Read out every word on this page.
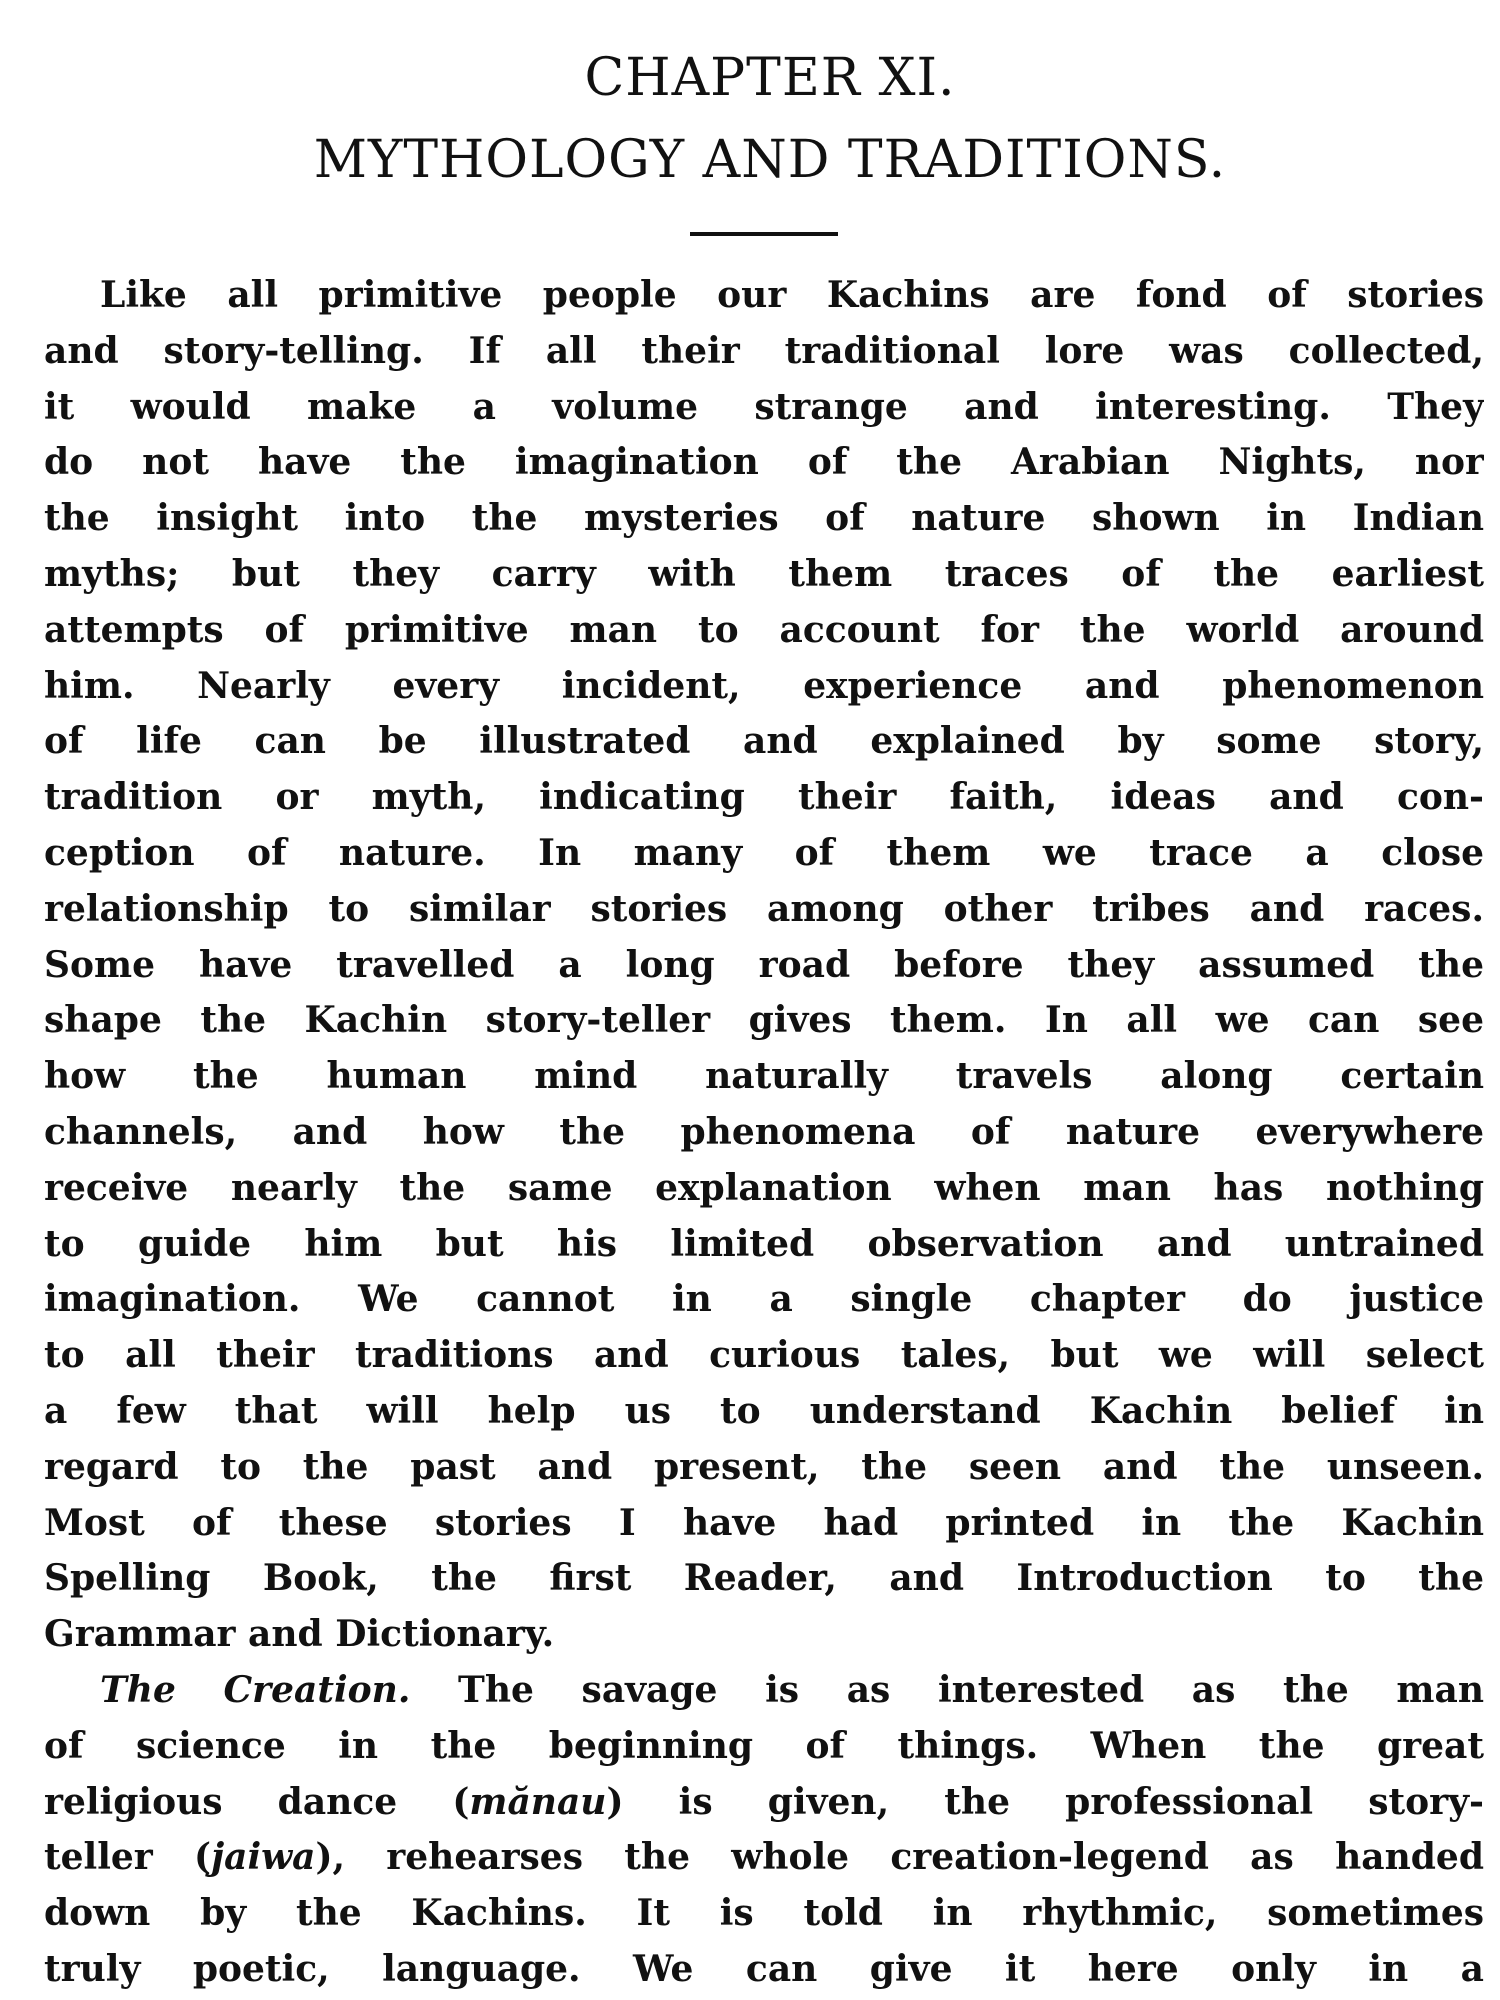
CHAPTER XI.
MYTHOLOGY AND TRADITIONS.
Like all primitive people our Kachins are fond of stories
and story-telling. If all their traditional lore was collected,
it would make a volume strange and interesting. They
do not have the imagination of the Arabian Nights, nor
the insight into the mysteries of nature shown in Indian
myths; but they carry with them traces of the earliest
attempts of primitive man to account for the world around
him. Nearly every incident, experience and phenomenon
of life can be illustrated and explained by some story,
tradition or myth, indicating their faith, ideas and con-
ception of nature. In many of them we trace a close
relationship to similar stories among other tribes and races.
Some have travelled a long road before they assumed the
shape the Kachin story-teller gives them. In all we can see
how the human mind naturally travels along certain
channels, and how the phenomena of nature everywhere
receive nearly the same explanation when man has nothing
to guide him but his limited observation and untrained
imagination. We cannot in a single chapter do justice
to all their traditions and curious tales, but we will select
a few that will help us to understand Kachin belief in
regard to the past and present, the seen and the unseen.
Most of these stories I have had printed in the Kachin
Spelling Book, the first Reader, and Introduction to the
Grammar and Dictionary.
The Creation. The savage is as interested as the man
of science in the beginning of things. When the great
religious dance (mănau) is given, the professional story-
teller (jaiwa), rehearses the whole creation-legend as handed
down by the Kachins. It is told in rhythmic, sometimes
truly poetic, language. We can give it here only in a
